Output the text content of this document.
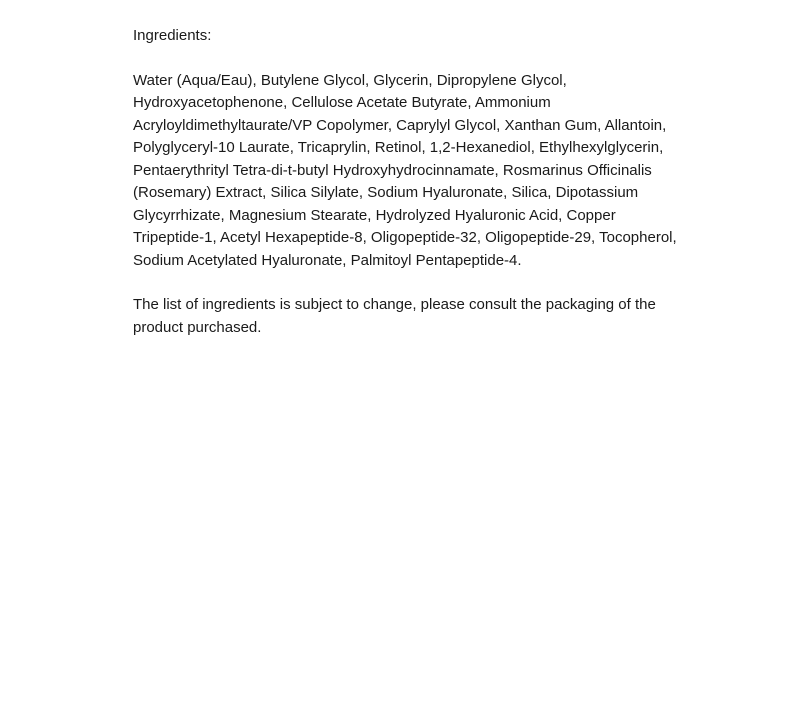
Ingredients:

Water (Aqua/Eau), Butylene Glycol, Glycerin, Dipropylene Glycol, Hydroxyacetophenone, Cellulose Acetate Butyrate, Ammonium Acryloyldimethyltaurate/VP Copolymer, Caprylyl Glycol, Xanthan Gum, Allantoin, Polyglyceryl-10 Laurate, Tricaprylin, Retinol, 1,2-Hexanediol, Ethylhexylglycerin, Pentaerythrityl Tetra-di-t-butyl Hydroxyhydrocinnamate, Rosmarinus Officinalis (Rosemary) Extract, Silica Silylate, Sodium Hyaluronate, Silica, Dipotassium Glycyrrhizate, Magnesium Stearate, Hydrolyzed Hyaluronic Acid, Copper Tripeptide-1, Acetyl Hexapeptide-8, Oligopeptide-32, Oligopeptide-29, Tocopherol, Sodium Acetylated Hyaluronate, Palmitoyl Pentapeptide-4.

The list of ingredients is subject to change, please consult the packaging of the product purchased.
